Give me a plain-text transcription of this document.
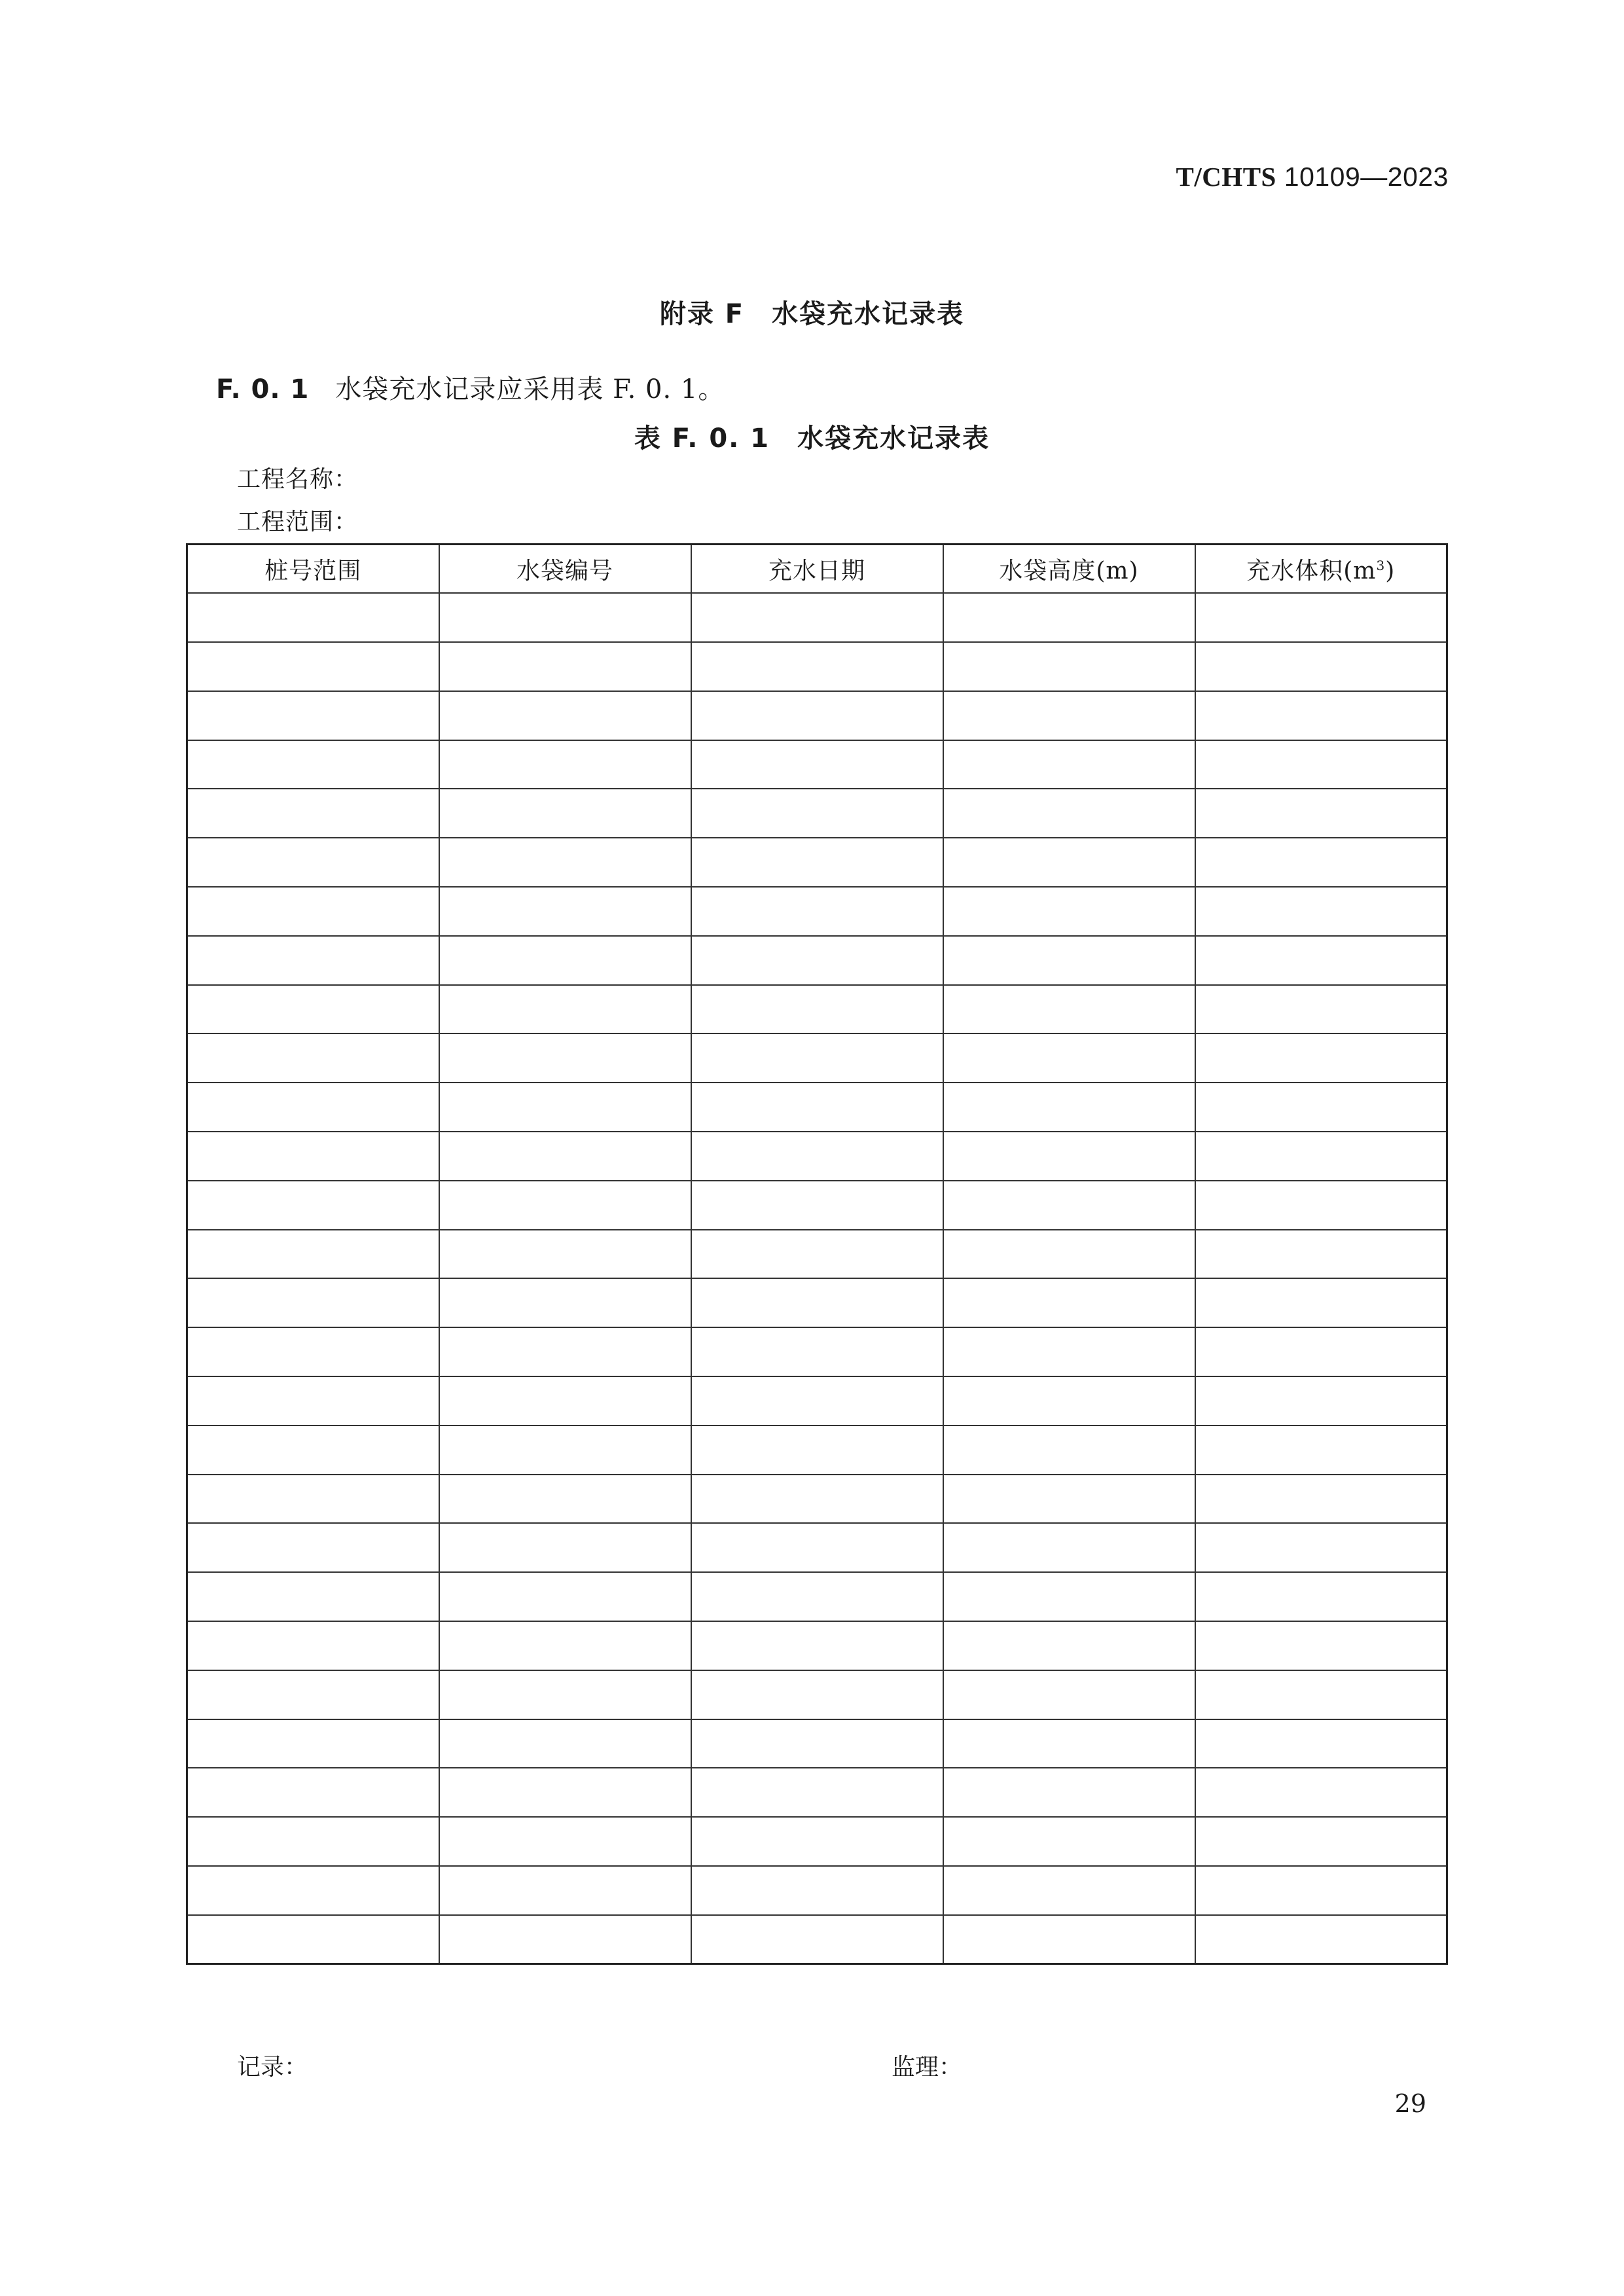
T/CHTS 10109—2023
附录 F　水袋充水记录表
F. 0. 1 水袋充水记录应采用表 F. 0. 1。
表 F. 0. 1　水袋充水记录表
工程名称：
工程范围：
桩号范围	水袋编号	充水日期	水袋高度(m)	充水体积$(m^3)$

记录：	监理：
29
